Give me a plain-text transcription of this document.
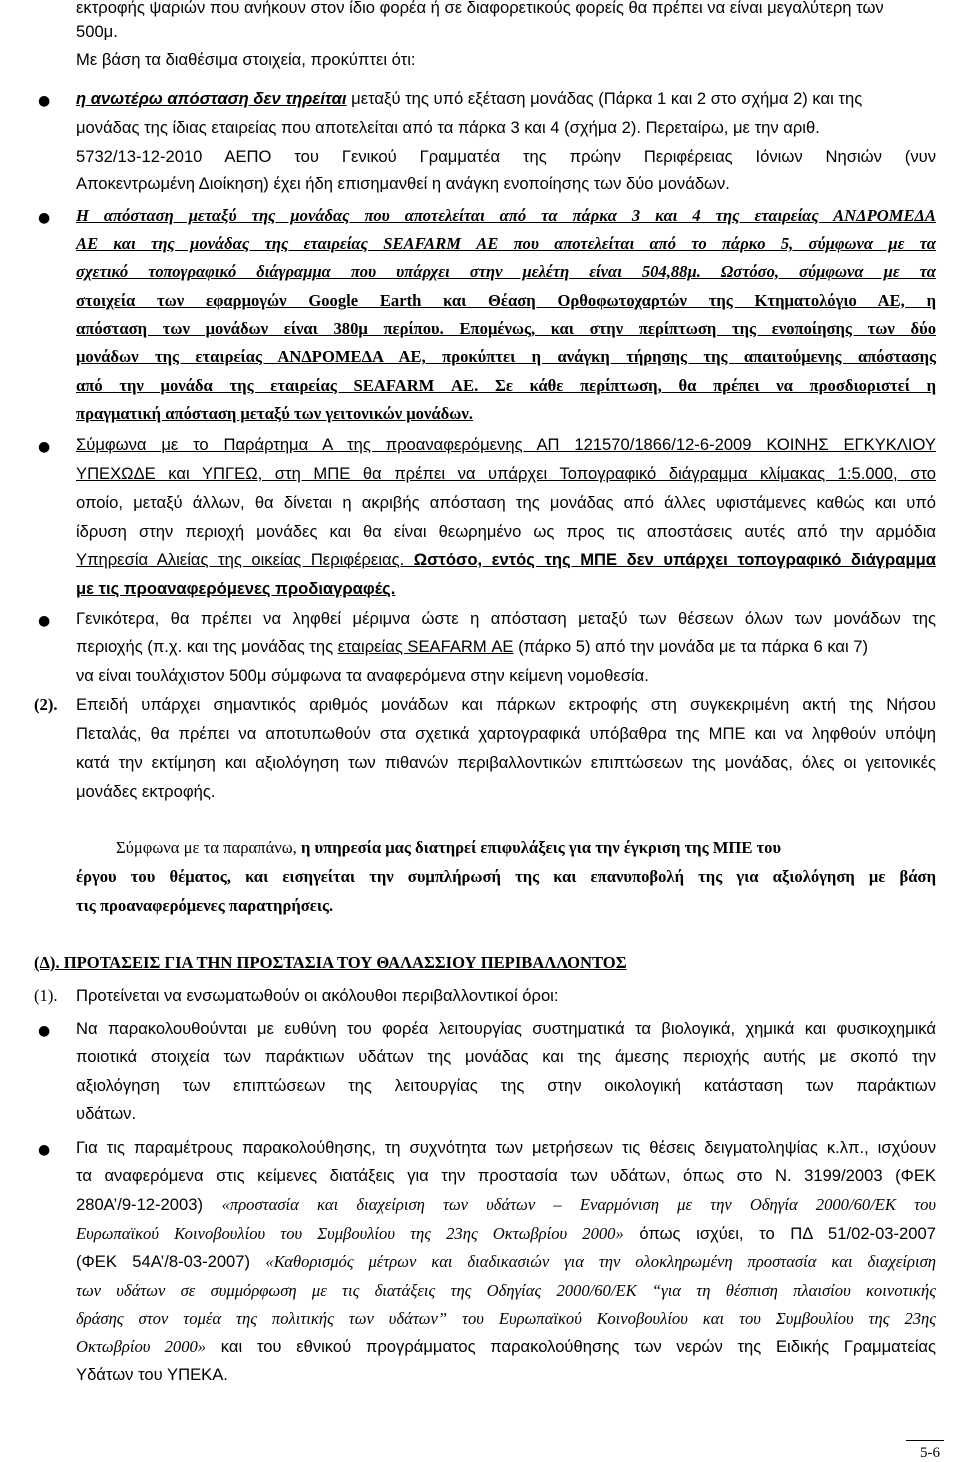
εκτροφής ψαριών που ανήκουν στον ίδιο φορέα ή σε διαφορετικούς φορείς θα πρέπει να είναι μεγαλύτερη των
500μ.
Με βάση τα διαθέσιμα στοιχεία, προκύπτει ότι:
● η ανωτέρω απόσταση δεν τηρείται μεταξύ της υπό εξέταση μονάδας (Πάρκα 1 και 2 στο σχήμα 2) και της
μονάδας της ίδιας εταιρείας που αποτελείται από τα πάρκα 3 και 4 (σχήμα 2). Περεταίρω, με την αριθ.
5732/13-12-2010 ΑΕΠΟ του Γενικού Γραμματέα της πρώην Περιφέρειας Ιόνιων Νησιών (νυν
Αποκεντρωμένη Διοίκηση) έχει ήδη επισημανθεί η ανάγκη ενοποίησης των δύο μονάδων.
● Η απόσταση μεταξύ της μονάδας που αποτελείται από τα πάρκα 3 και 4 της εταιρείας ΑΝΔΡΟΜΕΔΑ
ΑΕ και της μονάδας της εταιρείας SEAFARM ΑΕ που αποτελείται από το πάρκο 5, σύμφωνα με τα
σχετικό τοπογραφικό διάγραμμα που υπάρχει στην μελέτη είναι 504,88μ. Ωστόσο, σύμφωνα με τα
στοιχεία των εφαρμογών Google Earth και Θέαση Ορθοφωτοχαρτών της Κτηματολόγιο ΑΕ, η
απόσταση των μονάδων είναι 380μ περίπου. Επομένως, και στην περίπτωση της ενοποίησης των δύο
μονάδων της εταιρείας ΑΝΔΡΟΜΕΔΑ ΑΕ, προκύπτει η ανάγκη τήρησης της απαιτούμενης απόστασης
από την μονάδα της εταιρείας SEAFARM ΑΕ. Σε κάθε περίπτωση, θα πρέπει να προσδιοριστεί η
πραγματική απόσταση μεταξύ των γειτονικών μονάδων.
● Σύμφωνα με το Παράρτημα Α της προαναφερόμενης ΑΠ 121570/1866/12-6-2009 ΚΟΙΝΗΣ ΕΓΚΥΚΛΙΟΥ
ΥΠΕΧΩΔΕ και ΥΠΓΕΩ, στη ΜΠΕ θα πρέπει να υπάρχει Τοπογραφικό διάγραμμα κλίμακας 1:5.000, στο
οποίο, μεταξύ άλλων, θα δίνεται η ακριβής απόσταση της μονάδας από άλλες υφιστάμενες καθώς και υπό
ίδρυση στην περιοχή μονάδες και θα είναι θεωρημένο ως προς τις αποστάσεις αυτές από την αρμόδια
Υπηρεσία Αλιείας της οικείας Περιφέρειας. Ωστόσο, εντός της ΜΠΕ δεν υπάρχει τοπογραφικό διάγραμμα
με τις προαναφερόμενες προδιαγραφές.
● Γενικότερα, θα πρέπει να ληφθεί μέριμνα ώστε η απόσταση μεταξύ των θέσεων όλων των μονάδων της
περιοχής (π.χ. και της μονάδας της εταιρείας SEAFARM ΑΕ (πάρκο 5) από την μονάδα με τα πάρκα 6 και 7)
να είναι τουλάχιστον 500μ σύμφωνα τα αναφερόμενα στην κείμενη νομοθεσία.
(2). Επειδή υπάρχει σημαντικός αριθμός μονάδων και πάρκων εκτροφής στη συγκεκριμένη ακτή της Νήσου
Πεταλάς, θα πρέπει να αποτυπωθούν στα σχετικά χαρτογραφικά υπόβαθρα της ΜΠΕ και να ληφθούν υπόψη
κατά την εκτίμηση και αξιολόγηση των πιθανών περιβαλλοντικών επιπτώσεων της μονάδας, όλες οι γειτονικές
μονάδες εκτροφής.
Σύμφωνα με τα παραπάνω, η υπηρεσία μας διατηρεί επιφυλάξεις για την έγκριση της ΜΠΕ του
έργου του θέματος, και εισηγείται την συμπλήρωσή της και επανυποβολή της για αξιολόγηση με βάση
τις προαναφερόμενες παρατηρήσεις.
(Δ). ΠΡΟΤΑΣΕΙΣ ΓΙΑ ΤΗΝ ΠΡΟΣΤΑΣΙΑ ΤΟΥ ΘΑΛΑΣΣΙΟΥ ΠΕΡΙΒΑΛΛΟΝΤΟΣ
(1). Προτείνεται να ενσωματωθούν οι ακόλουθοι περιβαλλοντικοί όροι:
● Να παρακολουθούνται με ευθύνη του φορέα λειτουργίας συστηματικά τα βιολογικά, χημικά και φυσικοχημικά
ποιοτικά στοιχεία των παράκτιων υδάτων της μονάδας και της άμεσης περιοχής αυτής με σκοπό την
αξιολόγηση των επιπτώσεων της λειτουργίας της στην οικολογική κατάσταση των παράκτιων
υδάτων.
● Για τις παραμέτρους παρακολούθησης, τη συχνότητα των μετρήσεων τις θέσεις δειγματοληψίας κ.λπ., ισχύουν
τα αναφερόμενα στις κείμενες διατάξεις για την προστασία των υδάτων, όπως στο Ν. 3199/2003 (ΦΕΚ
280Α’/9-12-2003) «προστασία και διαχείριση των υδάτων – Εναρμόνιση με την Οδηγία 2000/60/ΕΚ του
Ευρωπαϊκού Κοινοβουλίου του Συμβουλίου της 23ης Οκτωβρίου 2000» όπως ισχύει, το ΠΔ 51/02-03-2007
(ΦΕΚ 54Α’/8-03-2007) «Καθορισμός μέτρων και διαδικασιών για την ολοκληρωμένη προστασία και διαχείριση
των υδάτων σε συμμόρφωση με τις διατάξεις της Οδηγίας 2000/60/ΕΚ “για τη θέσπιση πλαισίου κοινοτικής
δράσης στον τομέα της πολιτικής των υδάτων” του Ευρωπαϊκού Κοινοβουλίου και του Συμβουλίου της 23ης
Οκτωβρίου 2000» και του εθνικού προγράμματος παρακολούθησης των νερών της Ειδικής Γραμματείας
Υδάτων του ΥΠΕΚΑ.
5-6
